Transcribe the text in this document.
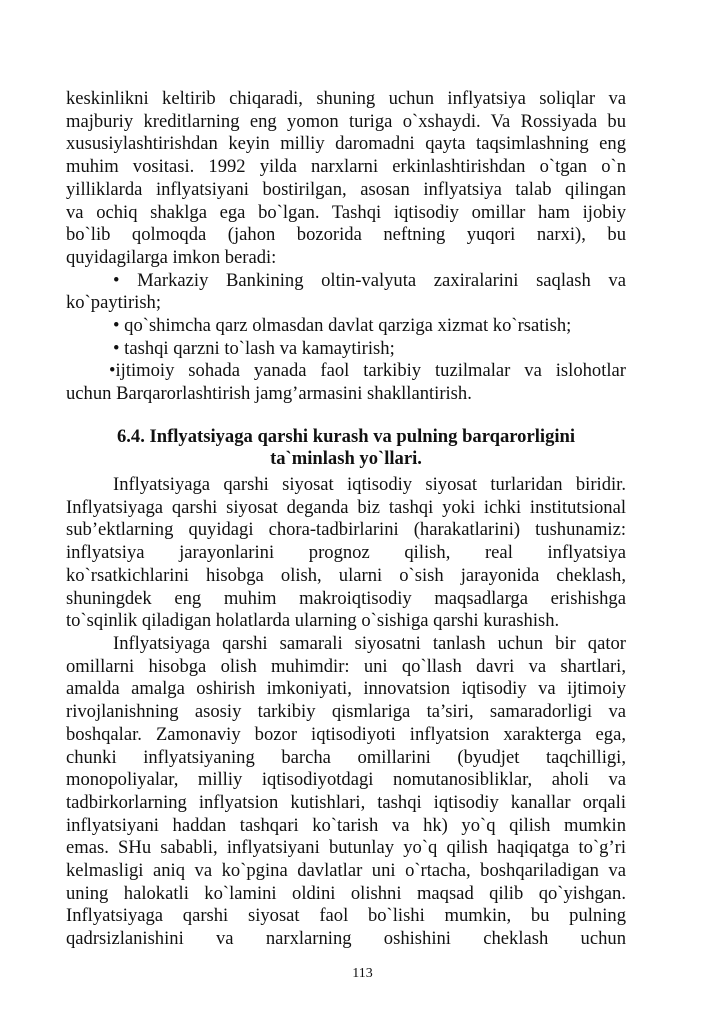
keskinlikni keltirib chiqaradi, shuning uchun inflyatsiya soliqlar va
majburiy kreditlarning eng yomon turiga o`xshaydi. Va Rossiyada bu
xususiylashtirishdan keyin milliy daromadni qayta taqsimlashning eng
muhim vositasi. 1992 yilda narxlarni erkinlashtirishdan o`tgan o`n
yilliklarda inflyatsiyani bostirilgan, asosan inflyatsiya talab qilingan
va ochiq shaklga ega bo`lgan. Tashqi iqtisodiy omillar ham ijobiy
bo`lib qolmoqda (jahon bozorida neftning yuqori narxi), bu
quyidagilarga imkon beradi:
• Markaziy Bankining oltin-valyuta zaxiralarini saqlash va
ko`paytirish;
• qo`shimcha qarz olmasdan davlat qarziga xizmat ko`rsatish;
• tashqi qarzni to`lash va kamaytirish;
•ijtimoiy sohada yanada faol tarkibiy tuzilmalar va islohotlar
uchun Barqarorlashtirish jamg’armasini shakllantirish.
6.4. Inflyatsiyaga qarshi kurash va pulning barqarorligini
ta`minlash yo`llari.
Inflyatsiyaga qarshi siyosat iqtisodiy siyosat turlaridan biridir.
Inflyatsiyaga qarshi siyosat deganda biz tashqi yoki ichki institutsional
sub’ektlarning quyidagi chora-tadbirlarini (harakatlarini) tushunamiz:
inflyatsiya jarayonlarini prognoz qilish, real inflyatsiya
ko`rsatkichlarini hisobga olish, ularni o`sish jarayonida cheklash,
shuningdek eng muhim makroiqtisodiy maqsadlarga erishishga
to`sqinlik qiladigan holatlarda ularning o`sishiga qarshi kurashish.
Inflyatsiyaga qarshi samarali siyosatni tanlash uchun bir qator
omillarni hisobga olish muhimdir: uni qo`llash davri va shartlari,
amalda amalga oshirish imkoniyati, innovatsion iqtisodiy va ijtimoiy
rivojlanishning asosiy tarkibiy qismlariga ta’siri, samaradorligi va
boshqalar. Zamonaviy bozor iqtisodiyoti inflyatsion xarakterga ega,
chunki inflyatsiyaning barcha omillarini (byudjet taqchilligi,
monopoliyalar, milliy iqtisodiyotdagi nomutanosibliklar, aholi va
tadbirkorlarning inflyatsion kutishlari, tashqi iqtisodiy kanallar orqali
inflyatsiyani haddan tashqari ko`tarish va hk) yo`q qilish mumkin
emas. SHu sababli, inflyatsiyani butunlay yo`q qilish haqiqatga to`g’ri
kelmasligi aniq va ko`pgina davlatlar uni o`rtacha, boshqariladigan va
uning halokatli ko`lamini oldini olishni maqsad qilib qo`yishgan.
Inflyatsiyaga qarshi siyosat faol bo`lishi mumkin, bu pulning
qadrsizlanishini va narxlarning oshishini cheklash uchun
113
